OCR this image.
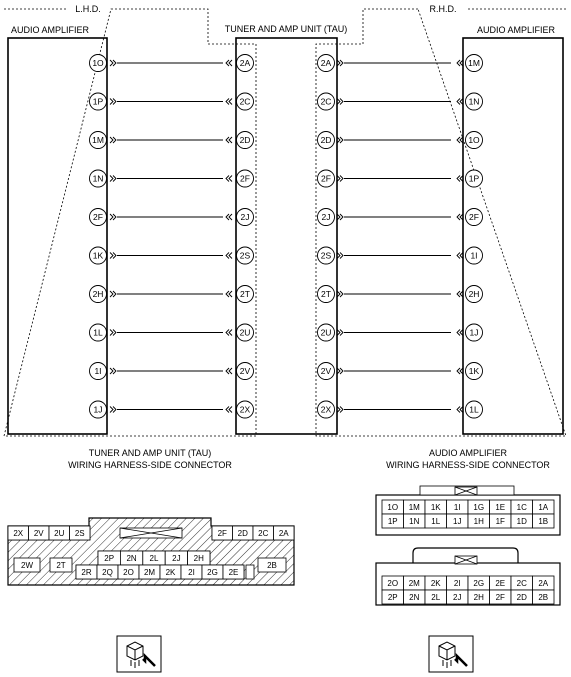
L.H.D.	R.H.D.
TUNER AND AMP UNIT (TAU)
AUDIO AMPLIFIER	AUDIO AMPLIFIER
1O	2A	2A	1M
1P	2C	2C	1N
1M	2D	2D	1O
1N	2F	2F	1P
2F	2J	2J	2F
1K	2S	2S	1I
2H	2T	2T	2H
1L	2U	2U	1J
1I	2V	2V	1K
1J	2X	2X	1L
TUNER AND AMP UNIT (TAU)
WIRING HARNESS-SIDE CONNECTOR
2W	2T	2B
2X 2V 2U 2S	2F 2D 2C 2A
2P 2N 2L 2J 2H
2R 2Q 2O 2M 2K 2I 2G 2E
AUDIO AMPLIFIER
WIRING HARNESS-SIDE CONNECTOR
1O 1M 1K 1I 1G 1E 1C 1A
1P 1N 1L 1J 1H 1F 1D 1B
2O 2M 2K 2I 2G 2E 2C 2A
2P 2N 2L 2J 2H 2F 2D 2B
